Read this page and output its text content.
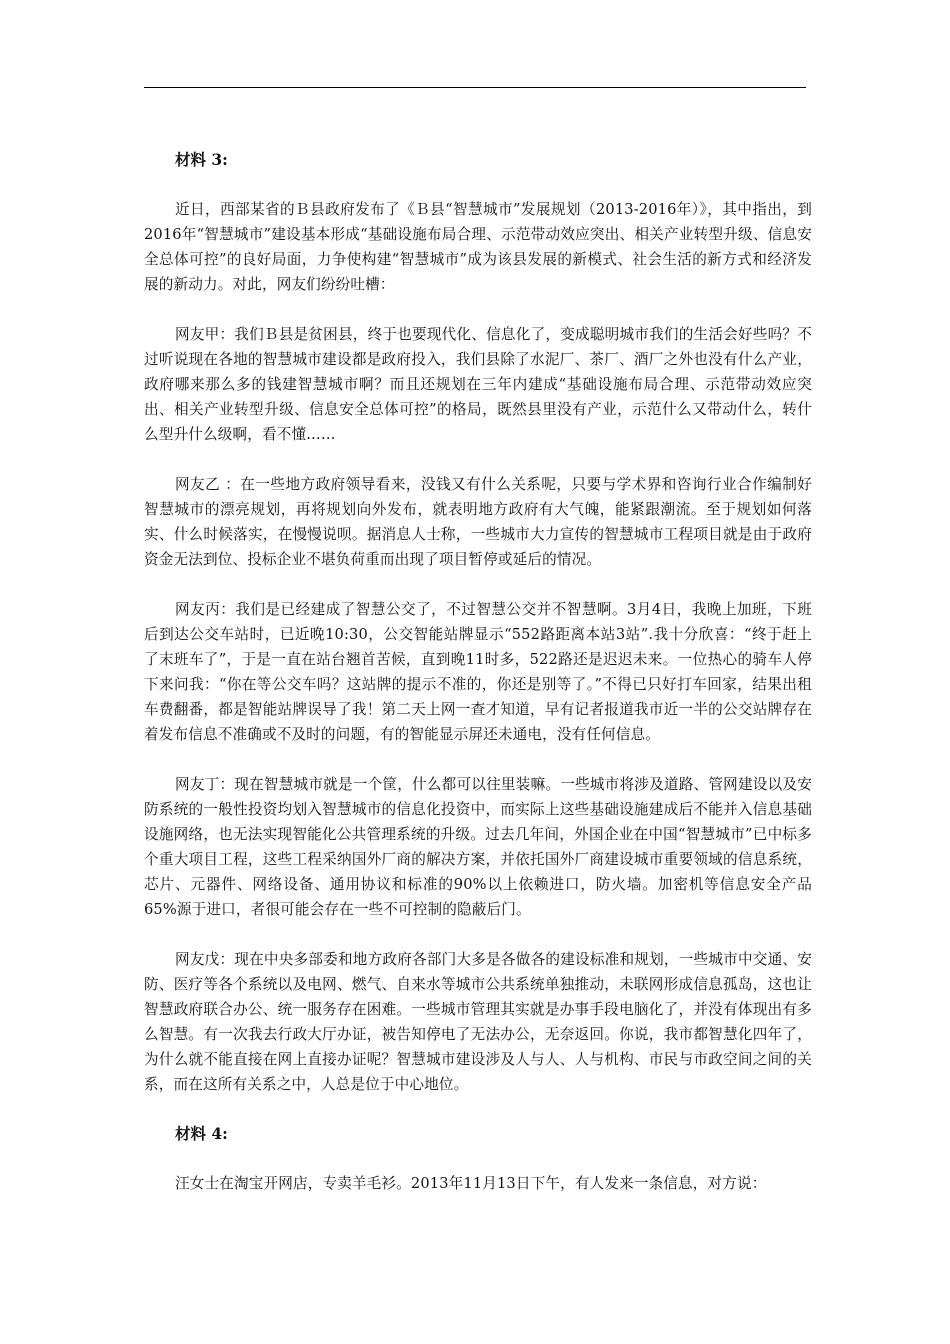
材料 3:

近日，西部某省的Ｂ县政府发布了《Ｂ县“智慧城市”发展规划（2013-2016年）》，其中指出，到2016年“智慧城市”建设基本形成“基础设施布局合理、示范带动效应突出、相关产业转型升级、信息安全总体可控”的良好局面，力争使构建“智慧城市”成为该县发展的新模式、社会生活的新方式和经济发展的新动力。对此，网友们纷纷吐槽：

网友甲：我们Ｂ县是贫困县，终于也要现代化、信息化了，变成聪明城市我们的生活会好些吗？不过听说现在各地的智慧城市建设都是政府投入，我们县除了水泥厂、茶厂、酒厂之外也没有什么产业，政府哪来那么多的钱建智慧城市啊？而且还规划在三年内建成“基础设施布局合理、示范带动效应突出、相关产业转型升级、信息安全总体可控”的格局，既然县里没有产业，示范什么又带动什么，转什么型升什么级啊，看不懂……

网友乙 ：在一些地方政府领导看来，没钱又有什么关系呢，只要与学术界和咨询行业合作编制好智慧城市的漂亮规划，再将规划向外发布，就表明地方政府有大气魄，能紧跟潮流。至于规划如何落实、什么时候落实，在慢慢说呗。据消息人士称，一些城市大力宣传的智慧城市工程项目就是由于政府资金无法到位、投标企业不堪负荷重而出现了项目暂停或延后的情况。

网友丙：我们是已经建成了智慧公交了，不过智慧公交并不智慧啊。3月4日，我晚上加班，下班后到达公交车站时，已近晚10:30，公交智能站牌显示“552路距离本站3站”.我十分欣喜：“终于赶上了末班车了”，于是一直在站台翘首苦候，直到晚11时多，522路还是迟迟未来。一位热心的骑车人停下来问我：“你在等公交车吗？这站牌的提示不准的，你还是别等了。”不得已只好打车回家，结果出租车费翻番，都是智能站牌误导了我！第二天上网一查才知道，早有记者报道我市近一半的公交站牌存在着发布信息不准确或不及时的问题，有的智能显示屏还未通电，没有任何信息。

网友丁：现在智慧城市就是一个筐，什么都可以往里装嘛。一些城市将涉及道路、管网建设以及安防系统的一般性投资均划入智慧城市的信息化投资中，而实际上这些基础设施建成后不能并入信息基础设施网络，也无法实现智能化公共管理系统的升级。过去几年间，外国企业在中国“智慧城市”已中标多个重大项目工程，这些工程采纳国外厂商的解决方案，并依托国外厂商建设城市重要领域的信息系统，芯片、元器件、网络设备、通用协议和标准的90%以上依赖进口，防火墙。加密机等信息安全产品65%源于进口，者很可能会存在一些不可控制的隐蔽后门。

网友戊：现在中央多部委和地方政府各部门大多是各做各的建设标准和规划，一些城市中交通、安防、医疗等各个系统以及电网、燃气、自来水等城市公共系统单独推动，未联网形成信息孤岛，这也让智慧政府联合办公、统一服务存在困难。一些城市管理其实就是办事手段电脑化了，并没有体现出有多么智慧。有一次我去行政大厅办证，被告知停电了无法办公，无奈返回。你说，我市都智慧化四年了，为什么就不能直接在网上直接办证呢？智慧城市建设涉及人与人、人与机构、市民与市政空间之间的关系，而在这所有关系之中，人总是位于中心地位。

材料 4:

汪女士在淘宝开网店，专卖羊毛衫。2013年11月13日下午，有人发来一条信息，对方说：
